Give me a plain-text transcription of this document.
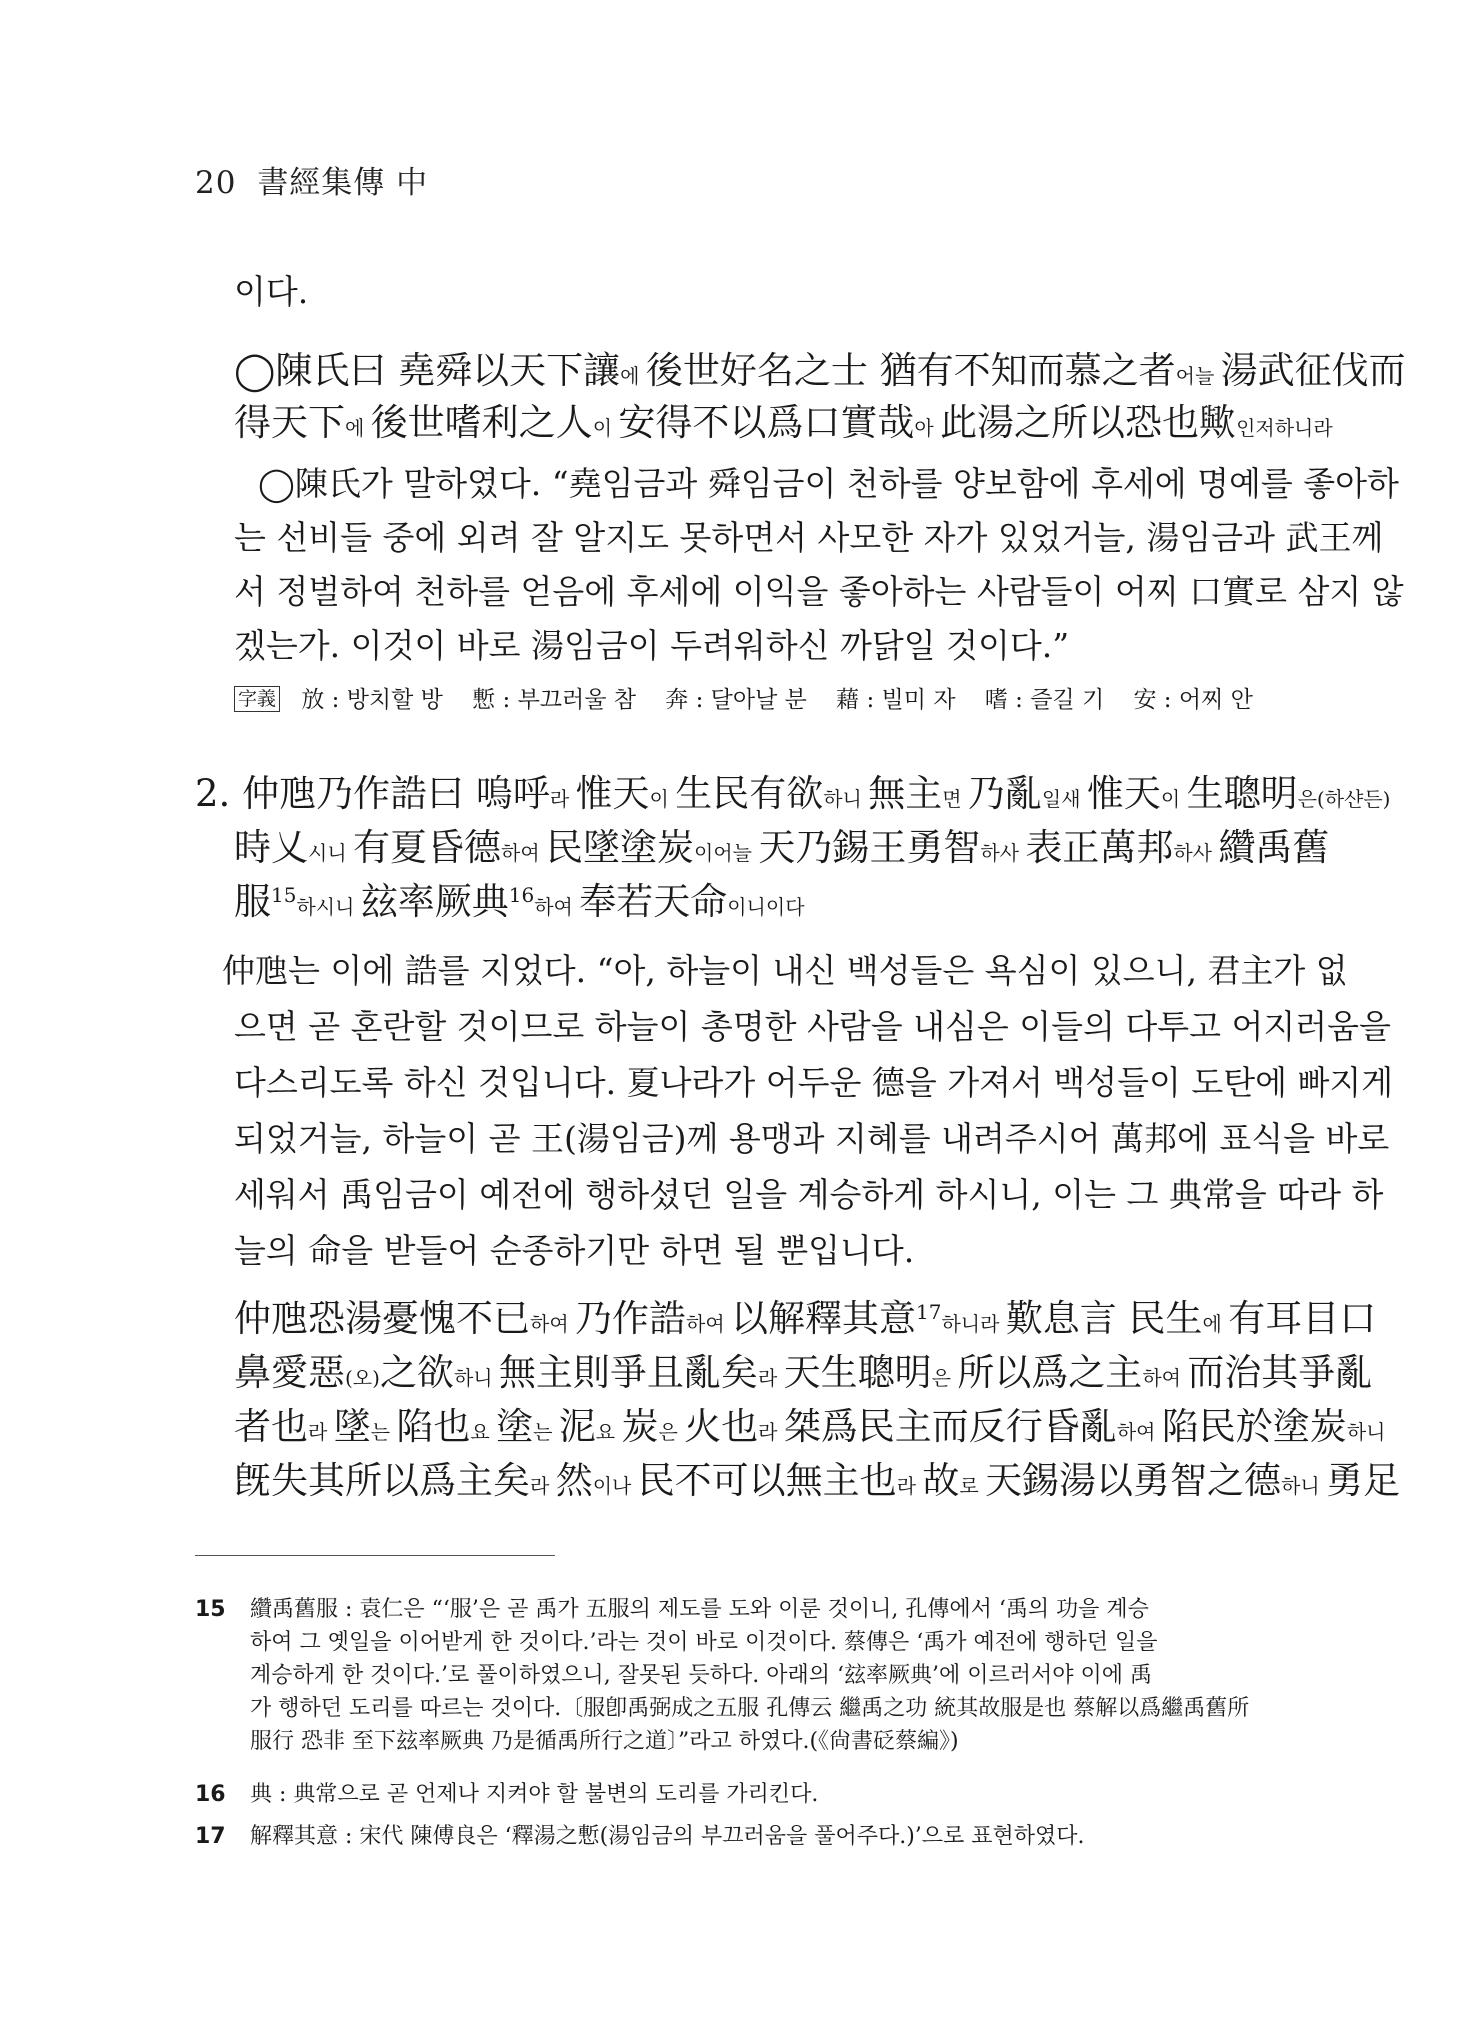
20 書經集傳 中
이다.
◯陳氏曰 堯舜以天下讓에 後世好名之士 猶有不知而慕之者어늘 湯武征伐而
得天下에 後世嗜利之人이 安得不以爲口實哉아 此湯之所以恐也歟인저하니라
◯陳氏가 말하였다. “堯임금과 舜임금이 천하를 양보함에 후세에 명예를 좋아하
는 선비들 중에 외려 잘 알지도 못하면서 사모한 자가 있었거늘, 湯임금과 武王께
서 정벌하여 천하를 얻음에 후세에 이익을 좋아하는 사람들이 어찌 口實로 삼지 않
겠는가. 이것이 바로 湯임금이 두려워하신 까닭일 것이다.”
字義 放 : 방치할 방 慙 : 부끄러울 참 奔 : 달아날 분 藉 : 빌미 자 嗜 : 즐길 기 安 : 어찌 안
2. 仲虺乃作誥曰 嗚呼라 惟天이 生民有欲하니 無主면 乃亂일새 惟天이 生聰明은(하샨든)
時乂시니 有夏昏德하여 民墜塗炭이어늘 天乃錫王勇智하사 表正萬邦하사 纘禹舊
服$^{15}$하시니 玆率厥典$^{16}$하여 奉若天命이니이다
仲虺는 이에 誥를 지었다. “아, 하늘이 내신 백성들은 욕심이 있으니, 君主가 없
으면 곧 혼란할 것이므로 하늘이 총명한 사람을 내심은 이들의 다투고 어지러움을
다스리도록 하신 것입니다. 夏나라가 어두운 德을 가져서 백성들이 도탄에 빠지게
되었거늘, 하늘이 곧 王(湯임금)께 용맹과 지혜를 내려주시어 萬邦에 표식을 바로
세워서 禹임금이 예전에 행하셨던 일을 계승하게 하시니, 이는 그 典常을 따라 하
늘의 命을 받들어 순종하기만 하면 될 뿐입니다.
仲虺恐湯憂愧不已하여 乃作誥하여 以解釋其意$^{17}$하니라 歎息言 民生에 有耳目口
鼻愛惡(오)之欲하니 無主則爭且亂矣라 天生聰明은 所以爲之主하여 而治其爭亂
者也라 墜는 陷也요 塗는 泥요 炭은 火也라 桀爲民主而反行昏亂하여 陷民於塗炭하니
旣失其所以爲主矣라 然이나 民不可以無主也라 故로 天錫湯以勇智之德하니 勇足
15	纘禹舊服 : 袁仁은 “‘服’은 곧 禹가 五服의 제도를 도와 이룬 것이니, 孔傳에서 ‘禹의 功을 계승
하여 그 옛일을 이어받게 한 것이다.’라는 것이 바로 이것이다. 蔡傳은 ‘禹가 예전에 행하던 일을
계승하게 한 것이다.’로 풀이하였으니, 잘못된 듯하다. 아래의 ‘玆率厥典’에 이르러서야 이에 禹
가 행하던 도리를 따르는 것이다.〔服卽禹弼成之五服 孔傳云 繼禹之功 統其故服是也 蔡解以爲繼禹舊所
服行 恐非 至下玆率厥典 乃是循禹所行之道〕”라고 하였다.(《尙書砭蔡編》)
16	典 : 典常으로 곧 언제나 지켜야 할 불변의 도리를 가리킨다.
17	解釋其意 : 宋代 陳傅良은 ‘釋湯之慙(湯임금의 부끄러움을 풀어주다.)’으로 표현하였다.
